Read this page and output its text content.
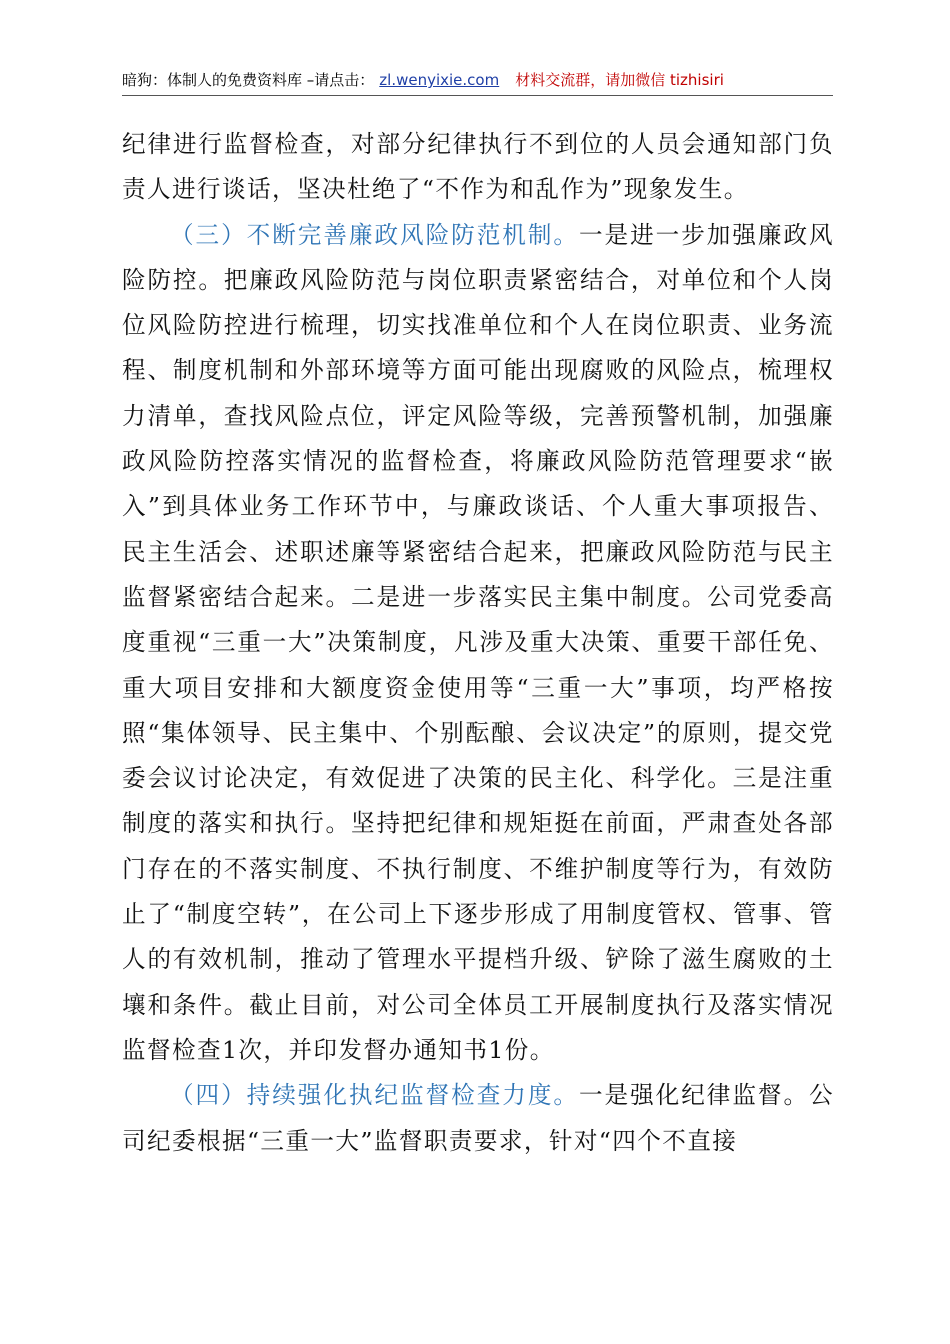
暗狗：体制人的免费资料库 –请点击： zl.wenyixie.com 材料交流群，请加微信 tizhisiri

纪律进行监督检查，对部分纪律执行不到位的人员会通知部门负责人进行谈话，坚决杜绝了“不作为和乱作为”现象发生。

（三）不断完善廉政风险防范机制。一是进一步加强廉政风险防控。把廉政风险防范与岗位职责紧密结合，对单位和个人岗位风险防控进行梳理，切实找准单位和个人在岗位职责、业务流程、制度机制和外部环境等方面可能出现腐败的风险点，梳理权力清单，查找风险点位，评定风险等级，完善预警机制，加强廉政风险防控落实情况的监督检查，将廉政风险防范管理要求“嵌入”到具体业务工作环节中，与廉政谈话、个人重大事项报告、民主生活会、述职述廉等紧密结合起来，把廉政风险防范与民主监督紧密结合起来。二是进一步落实民主集中制度。公司党委高度重视“三重一大”决策制度，凡涉及重大决策、重要干部任免、重大项目安排和大额度资金使用等“三重一大”事项，均严格按照“集体领导、民主集中、个别酝酿、会议决定”的原则，提交党委会议讨论决定，有效促进了决策的民主化、科学化。三是注重制度的落实和执行。坚持把纪律和规矩挺在前面，严肃查处各部门存在的不落实制度、不执行制度、不维护制度等行为，有效防止了“制度空转”，在公司上下逐步形成了用制度管权、管事、管人的有效机制，推动了管理水平提档升级、铲除了滋生腐败的土壤和条件。截止目前，对公司全体员工开展制度执行及落实情况监督检查1次，并印发督办通知书1份。

（四）持续强化执纪监督检查力度。一是强化纪律监督。公司纪委根据“三重一大”监督职责要求，针对“四个不直接
